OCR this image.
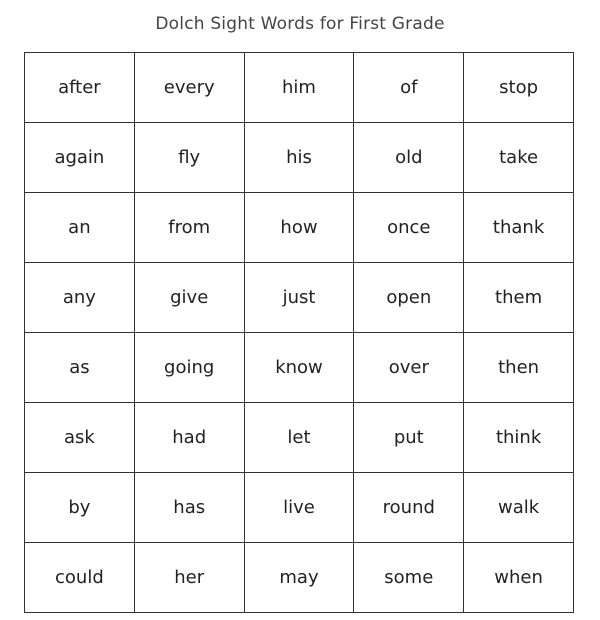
Dolch Sight Words for First Grade
after	every	him	of	stop
again	fly	his	old	take
an	from	how	once	thank
any	give	just	open	them
as	going	know	over	then
ask	had	let	put	think
by	has	live	round	walk
could	her	may	some	when
